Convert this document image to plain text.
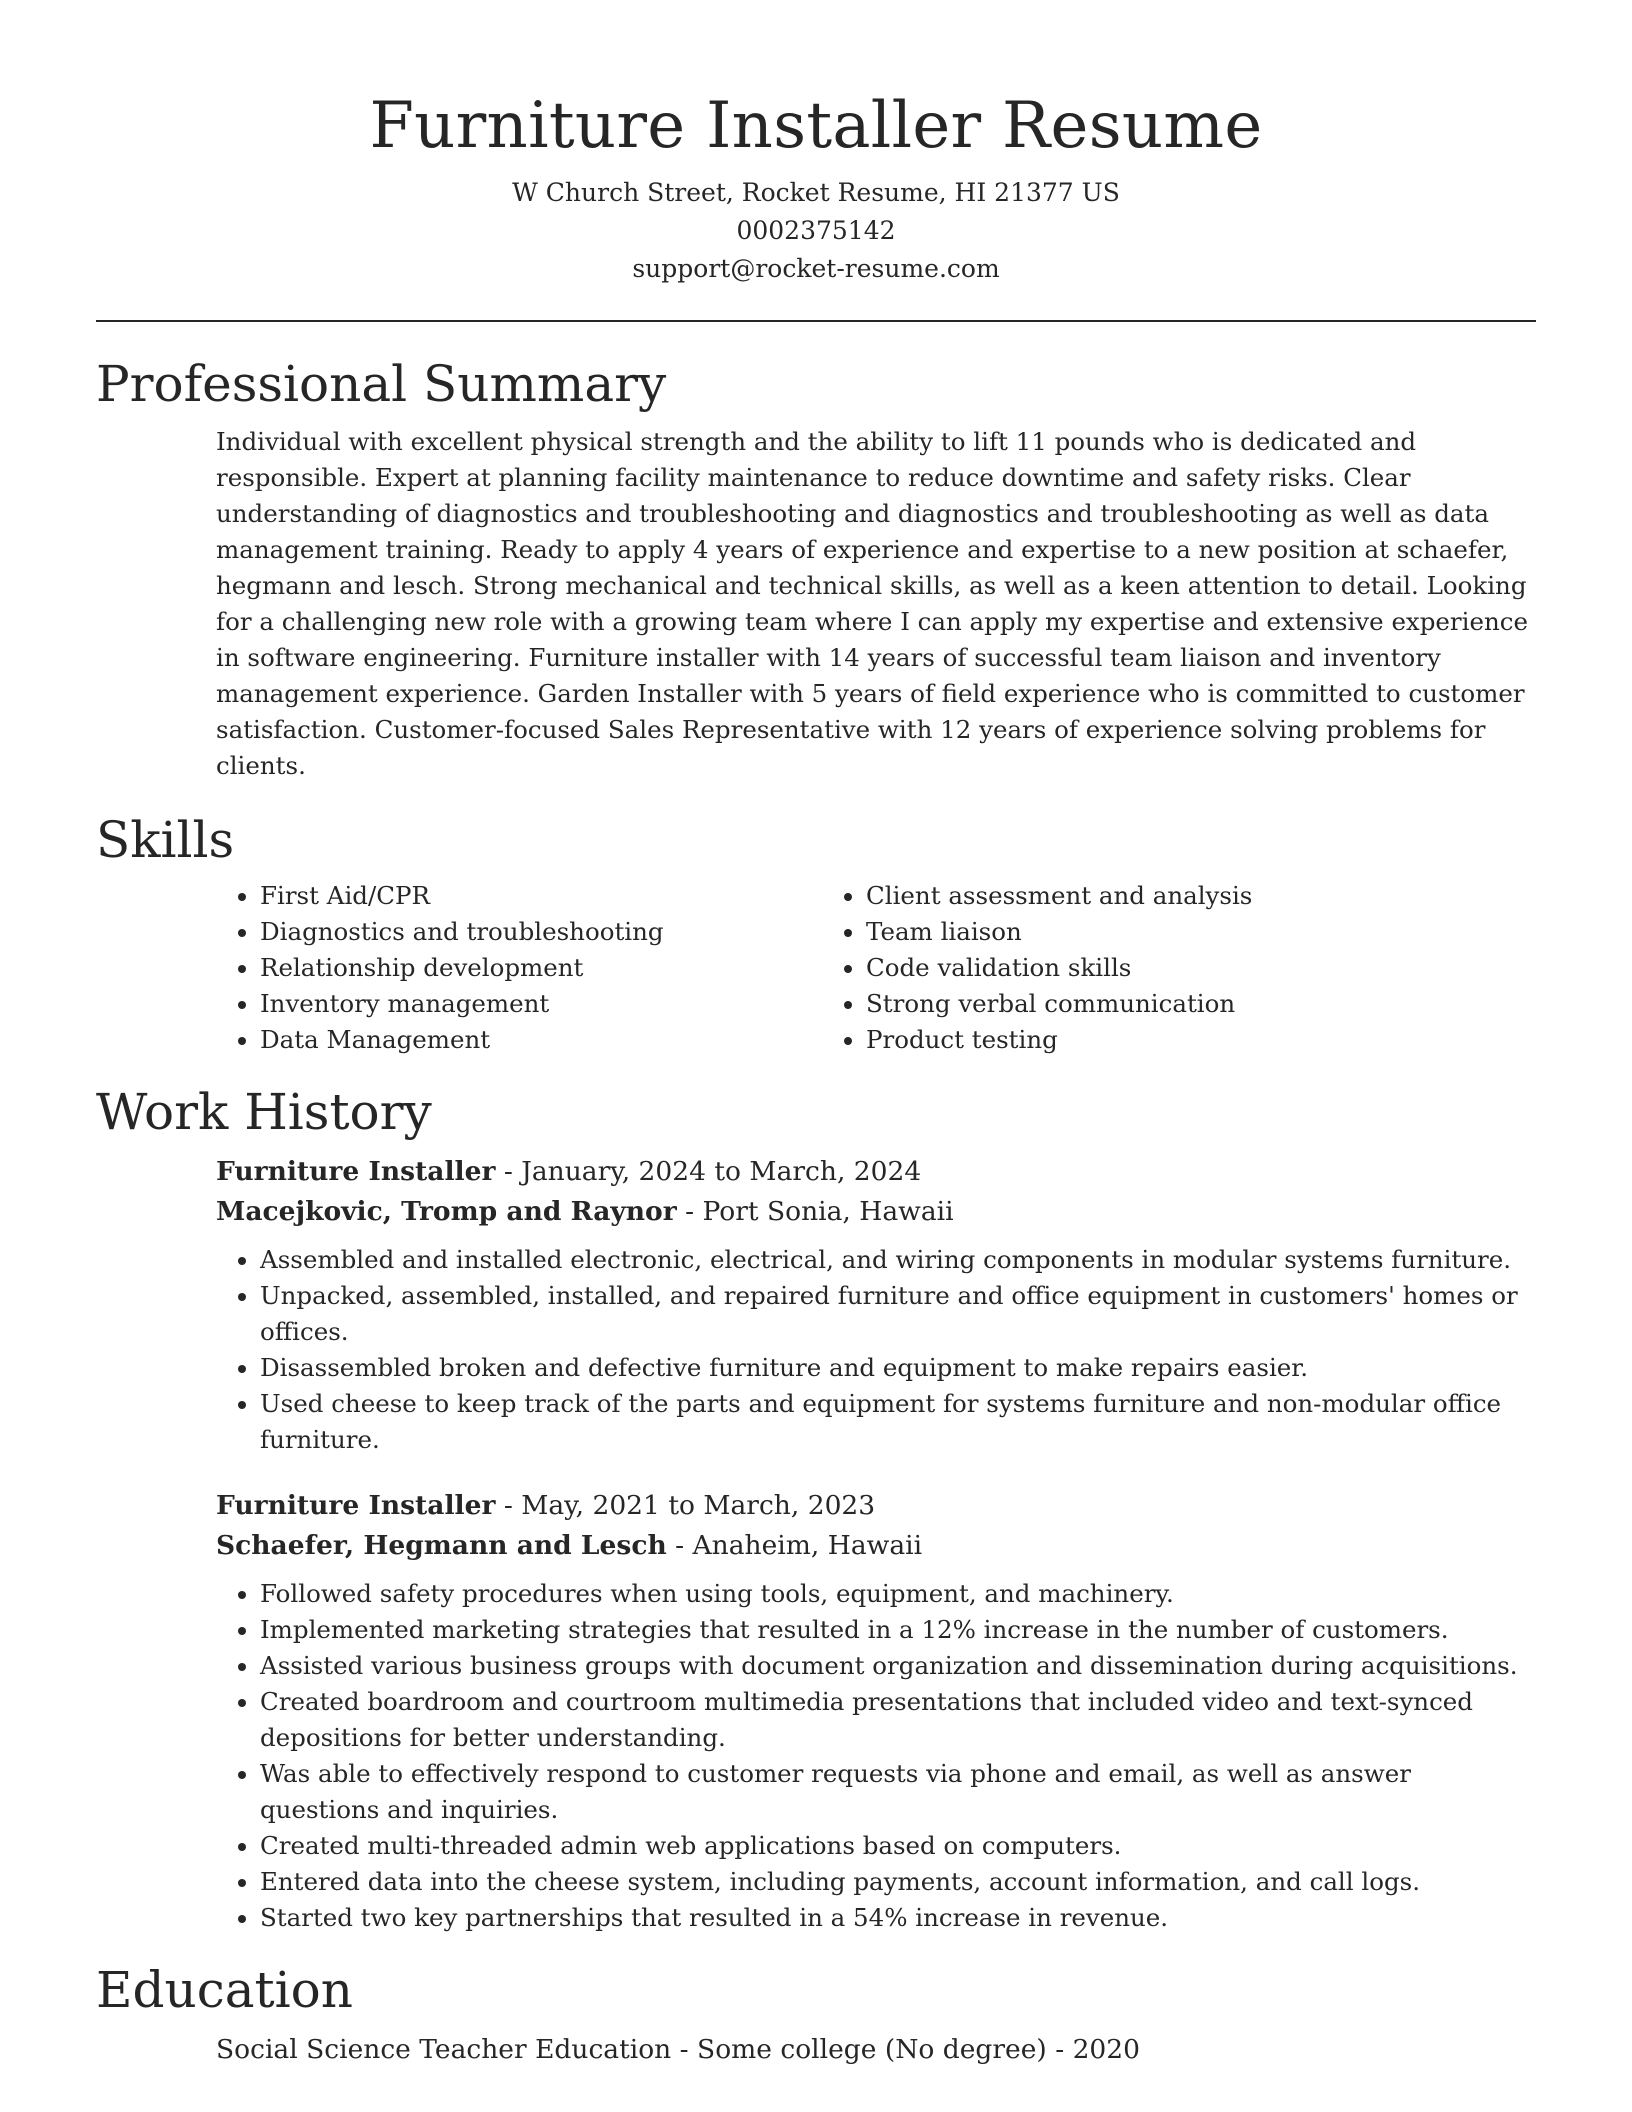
Furniture Installer Resume

W Church Street, Rocket Resume, HI 21377 US

0002375142

support@rocket-resume.com

Professional Summary

Individual with excellent physical strength and the ability to lift 11 pounds who is dedicated and responsible. Expert at planning facility maintenance to reduce downtime and safety risks. Clear understanding of diagnostics and troubleshooting and diagnostics and troubleshooting as well as data management training. Ready to apply 4 years of experience and expertise to a new position at schaefer, hegmann and lesch. Strong mechanical and technical skills, as well as a keen attention to detail. Looking for a challenging new role with a growing team where I can apply my expertise and extensive experience in software engineering. Furniture installer with 14 years of successful team liaison and inventory management experience. Garden Installer with 5 years of field experience who is committed to customer satisfaction. Customer-focused Sales Representative with 12 years of experience solving problems for clients.

Skills
• First Aid/CPR
• Diagnostics and troubleshooting
• Relationship development
• Inventory management
• Data Management
• Client assessment and analysis
• Team liaison
• Code validation skills
• Strong verbal communication
• Product testing
Work History

Furniture Installer - January, 2024 to March, 2024

Macejkovic, Tromp and Raynor - Port Sonia, Hawaii

• Assembled and installed electronic, electrical, and wiring components in modular systems furniture.
• Unpacked, assembled, installed, and repaired furniture and office equipment in customers' homes or offices.
• Disassembled broken and defective furniture and equipment to make repairs easier.
• Used cheese to keep track of the parts and equipment for systems furniture and non-modular office furniture.

Furniture Installer - May, 2021 to March, 2023

Schaefer, Hegmann and Lesch - Anaheim, Hawaii

• Followed safety procedures when using tools, equipment, and machinery.
• Implemented marketing strategies that resulted in a 12% increase in the number of customers.
• Assisted various business groups with document organization and dissemination during acquisitions.
• Created boardroom and courtroom multimedia presentations that included video and text-synced depositions for better understanding.
• Was able to effectively respond to customer requests via phone and email, as well as answer questions and inquiries.
• Created multi-threaded admin web applications based on computers.
• Entered data into the cheese system, including payments, account information, and call logs.
• Started two key partnerships that resulted in a 54% increase in revenue.
Education

Social Science Teacher Education - Some college (No degree) - 2020
